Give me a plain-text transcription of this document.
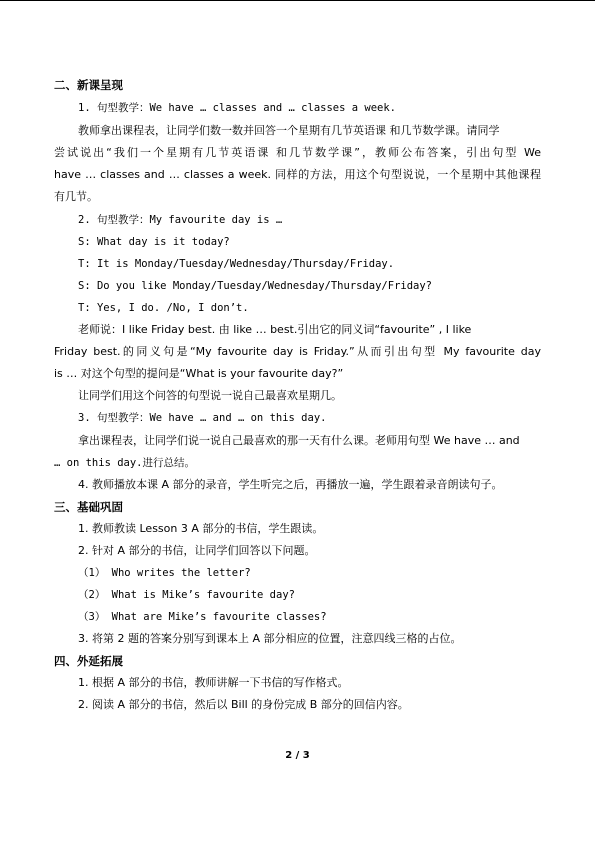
二、新课呈现
1. 句型教学：We have … classes and … classes a week.
教师拿出课程表，让同学们数一数并回答一个星期有几节英语课 和几节数学课。请同学
尝试说出“我们一个星期有几节英语课 和几节数学课”，教师公布答案，引出句型 We
have … classes and … classes a week. 同样的方法，用这个句型说说，一个星期中其他课程
有几节。
2. 句型教学：My favourite day is …
S: What day is it today?
T: It is Monday/Tuesday/Wednesday/Thursday/Friday.
S: Do you like Monday/Tuesday/Wednesday/Thursday/Friday?
T: Yes, I do. /No, I don’t.
老师说：I like Friday best. 由 like … best.引出它的同义词“favourite” , I like
Friday best.的同义句是“My favourite day is Friday.”从而引出句型 My favourite day
is … 对这个句型的提问是“What is your favourite day?”
让同学们用这个问答的句型说一说自己最喜欢星期几。
3. 句型教学：We have … and … on this day.
拿出课程表，让同学们说一说自己最喜欢的那一天有什么课。老师用句型 We have … and
… on this day.进行总结。
4. 教师播放本课 A 部分的录音，学生听完之后，再播放一遍，学生跟着录音朗读句子。
三、基础巩固
1. 教师教读 Lesson 3 A 部分的书信，学生跟读。
2. 针对 A 部分的书信，让同学们回答以下问题。
（1） Who writes the letter?
（2） What is Mike’s favourite day?
（3） What are Mike’s favourite classes?
3. 将第 2 题的答案分别写到课本上 A 部分相应的位置，注意四线三格的占位。
四、外延拓展
1. 根据 A 部分的书信，教师讲解一下书信的写作格式。
2. 阅读 A 部分的书信，然后以 Bill 的身份完成 B 部分的回信内容。
2 / 3
